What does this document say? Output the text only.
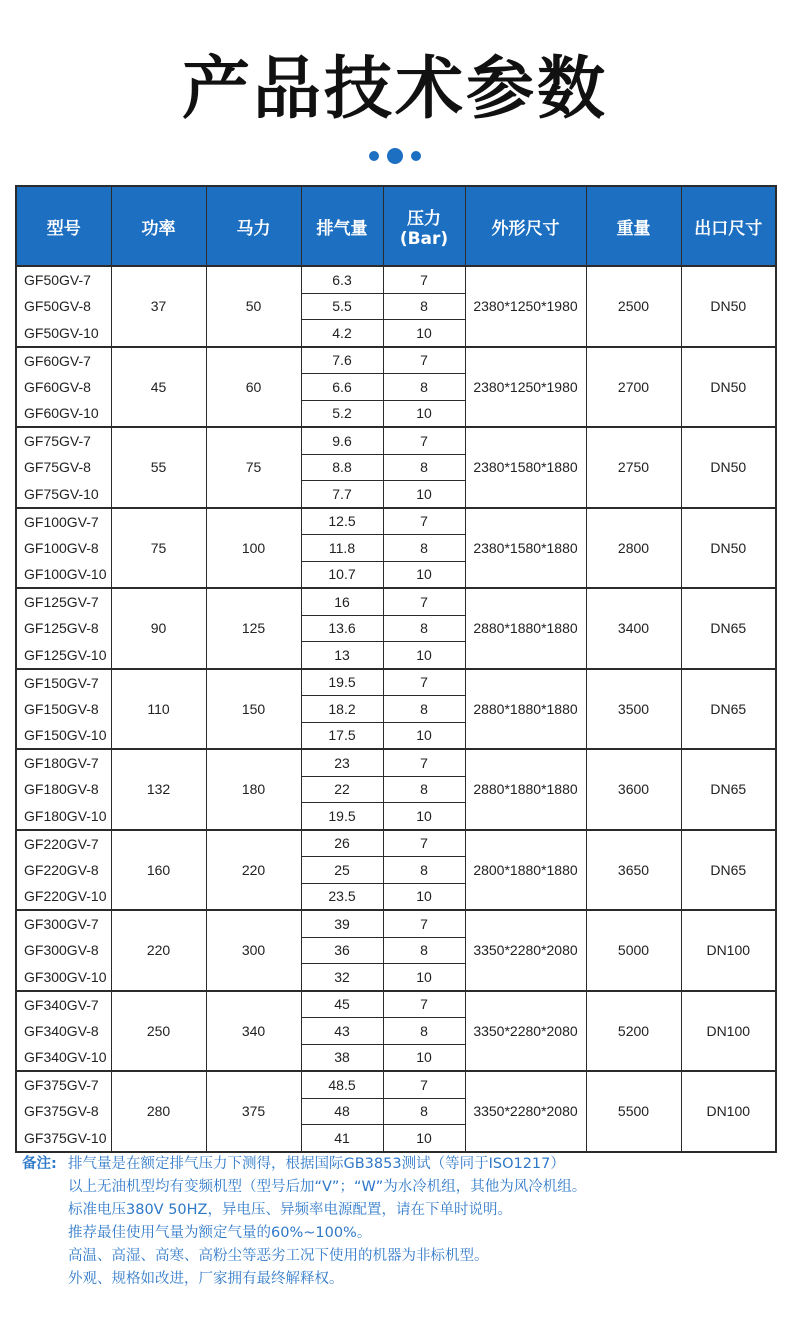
产品技术参数
型号	功率	马力	排气量	压力(Bar)	外形尺寸	重量	出口尺寸
GF50GV-7	37	50	6.3	7	2380*1250*1980	2500	DN50
GF50GV-8			5.5	8			
GF50GV-10			4.2	10			
GF60GV-7	45	60	7.6	7	2380*1250*1980	2700	DN50
GF60GV-8			6.6	8			
GF60GV-10			5.2	10			
GF75GV-7	55	75	9.6	7	2380*1580*1880	2750	DN50
GF75GV-8			8.8	8			
GF75GV-10			7.7	10			
GF100GV-7	75	100	12.5	7	2380*1580*1880	2800	DN50
GF100GV-8			11.8	8			
GF100GV-10			10.7	10			
GF125GV-7	90	125	16	7	2880*1880*1880	3400	DN65
GF125GV-8			13.6	8			
GF125GV-10			13	10			
GF150GV-7	110	150	19.5	7	2880*1880*1880	3500	DN65
GF150GV-8			18.2	8			
GF150GV-10			17.5	10			
GF180GV-7	132	180	23	7	2880*1880*1880	3600	DN65
GF180GV-8			22	8			
GF180GV-10			19.5	10			
GF220GV-7	160	220	26	7	2800*1880*1880	3650	DN65
GF220GV-8			25	8			
GF220GV-10			23.5	10			
GF300GV-7	220	300	39	7	3350*2280*2080	5000	DN100
GF300GV-8			36	8			
GF300GV-10			32	10			
GF340GV-7	250	340	45	7	3350*2280*2080	5200	DN100
GF340GV-8			43	8			
GF340GV-10			38	10			
GF375GV-7	280	375	48.5	7	3350*2280*2080	5500	DN100
GF375GV-8			48	8			
GF375GV-10			41	10			
备注: 排气量是在额定排气压力下测得，根据国际GB3853测试（等同于ISO1217）
以上无油机型均有变频机型（型号后加“V”；“W”为水冷机组，其他为风冷机组。
标准电压380V 50HZ，异电压、异频率电源配置，请在下单时说明。
推荐最佳使用气量为额定气量的60%~100%。
高温、高湿、高寒、高粉尘等恶劣工况下使用的机器为非标机型。
外观、规格如改进，厂家拥有最终解释权。
